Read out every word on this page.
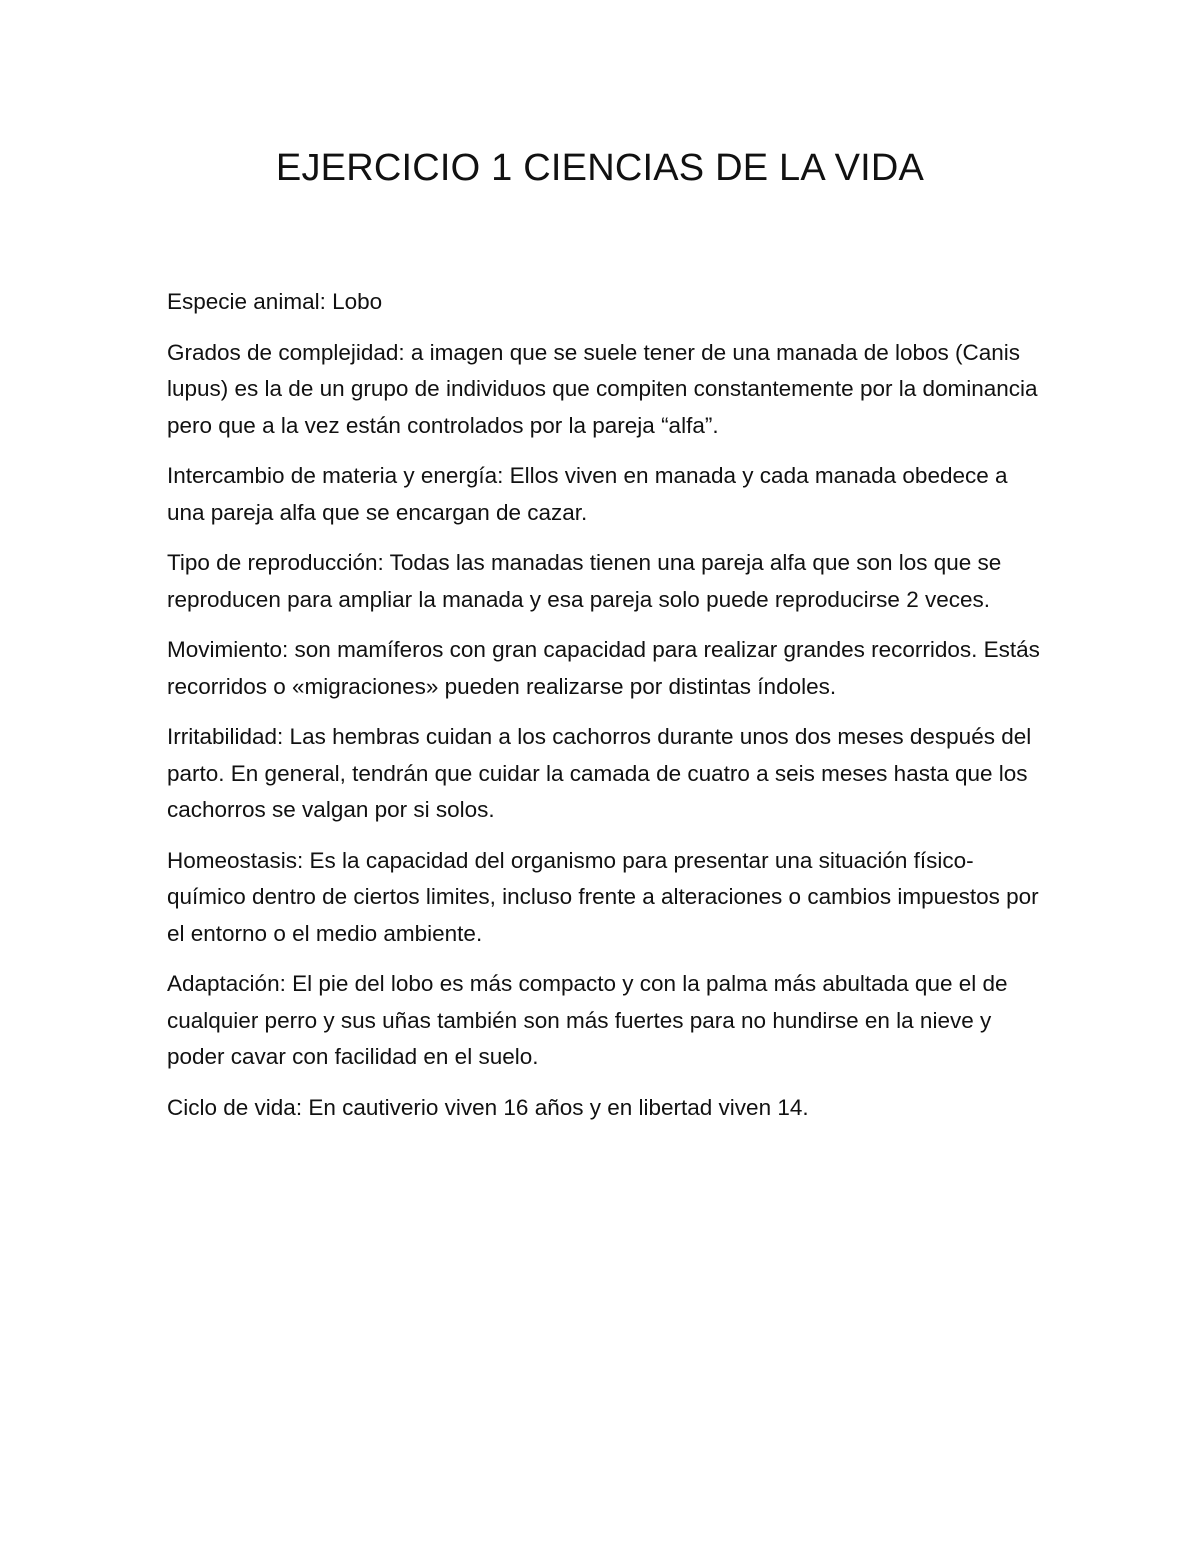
EJERCICIO 1 CIENCIAS DE LA VIDA

Especie animal: Lobo

Grados de complejidad: a imagen que se suele tener de una manada de lobos (Canis lupus) es la de un grupo de individuos que compiten constantemente por la dominancia pero que a la vez están controlados por la pareja “alfa”.

Intercambio de materia y energía: Ellos viven en manada y cada manada obedece a una pareja alfa que se encargan de cazar.

Tipo de reproducción: Todas las manadas tienen una pareja alfa que son los que se reproducen para ampliar la manada y esa pareja solo puede reproducirse 2 veces.

Movimiento: son mamíferos con gran capacidad para realizar grandes recorridos. Estás recorridos o «migraciones» pueden realizarse por distintas índoles.

Irritabilidad: Las hembras cuidan a los cachorros durante unos dos meses después del parto. En general, tendrán que cuidar la camada de cuatro a seis meses hasta que los cachorros se valgan por si solos.

Homeostasis: Es la capacidad del organismo para presentar una situación físico-químico dentro de ciertos limites, incluso frente a alteraciones o cambios impuestos por el entorno o el medio ambiente.

Adaptación: El pie del lobo es más compacto y con la palma más abultada que el de cualquier perro y sus uñas también son más fuertes para no hundirse en la nieve y poder cavar con facilidad en el suelo.

Ciclo de vida: En cautiverio viven 16 años y en libertad viven 14.
